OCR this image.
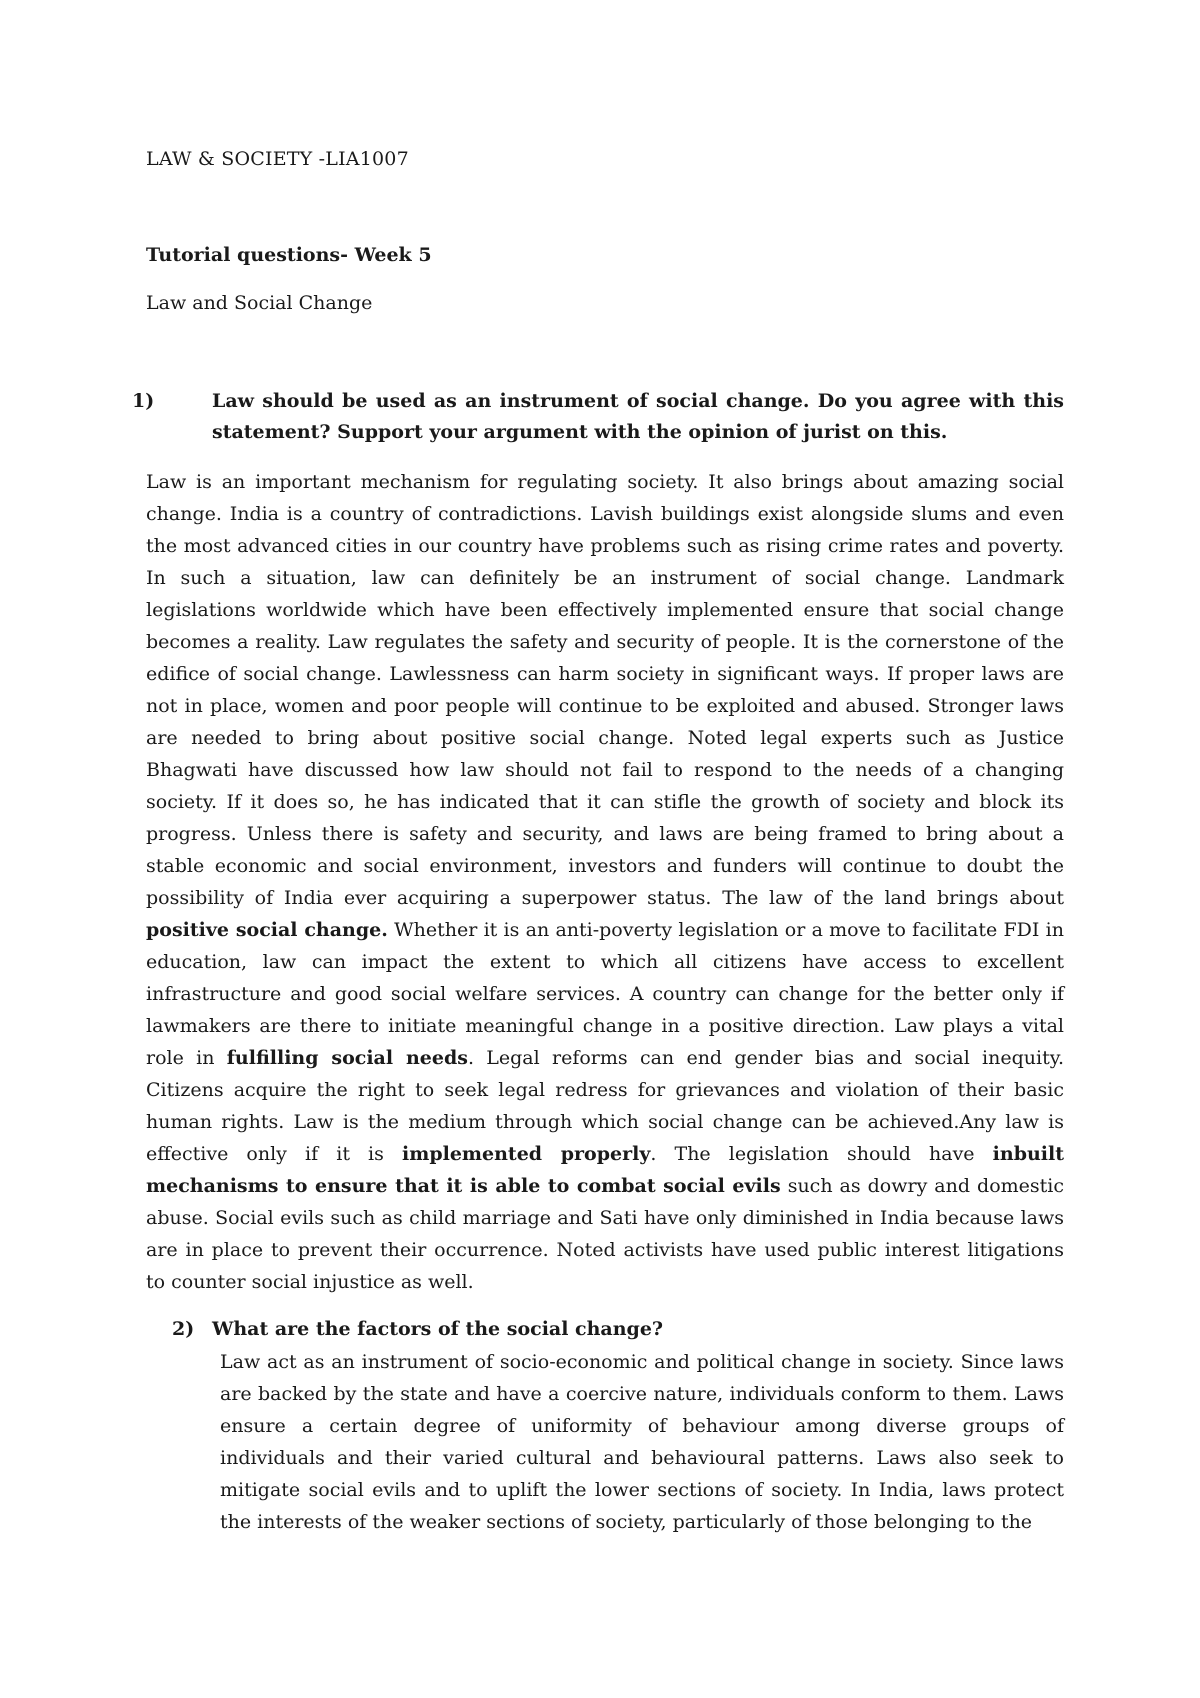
LAW & SOCIETY -LIA1007

Tutorial questions- Week 5

Law and Social Change

1)	Law should be used as an instrument of social change. Do you agree with this statement? Support your argument with the opinion of jurist on this.
Law is an important mechanism for regulating society. It also brings about amazing social change. India is a country of contradictions. Lavish buildings exist alongside slums and even the most advanced cities in our country have problems such as rising crime rates and poverty. In such a situation, law can definitely be an instrument of social change. Landmark legislations worldwide which have been effectively implemented ensure that social change becomes a reality. Law regulates the safety and security of people. It is the cornerstone of the edifice of social change. Lawlessness can harm society in significant ways. If proper laws are not in place, women and poor people will continue to be exploited and abused. Stronger laws are needed to bring about positive social change. Noted legal experts such as Justice Bhagwati have discussed how law should not fail to respond to the needs of a changing society. If it does so, he has indicated that it can stifle the growth of society and block its progress. Unless there is safety and security, and laws are being framed to bring about a stable economic and social environment, investors and funders will continue to doubt the possibility of India ever acquiring a superpower status. The law of the land brings about positive social change. Whether it is an anti-poverty legislation or a move to facilitate FDI in education, law can impact the extent to which all citizens have access to excellent infrastructure and good social welfare services. A country can change for the better only if lawmakers are there to initiate meaningful change in a positive direction. Law plays a vital role in fulfilling social needs. Legal reforms can end gender bias and social inequity. Citizens acquire the right to seek legal redress for grievances and violation of their basic human rights. Law is the medium through which social change can be achieved.Any law is effective only if it is implemented properly. The legislation should have inbuilt mechanisms to ensure that it is able to combat social evils such as dowry and domestic abuse. Social evils such as child marriage and Sati have only diminished in India because laws are in place to prevent their occurrence. Noted activists have used public interest litigations to counter social injustice as well.
2) What are the factors of the social change?
Law act as an instrument of socio-economic and political change in society. Since laws are backed by the state and have a coercive nature, individuals conform to them. Laws ensure a certain degree of uniformity of behaviour among diverse groups of individuals and their varied cultural and behavioural patterns. Laws also seek to mitigate social evils and to uplift the lower sections of society. In India, laws protect the interests of the weaker sections of society, particularly of those belonging to the
